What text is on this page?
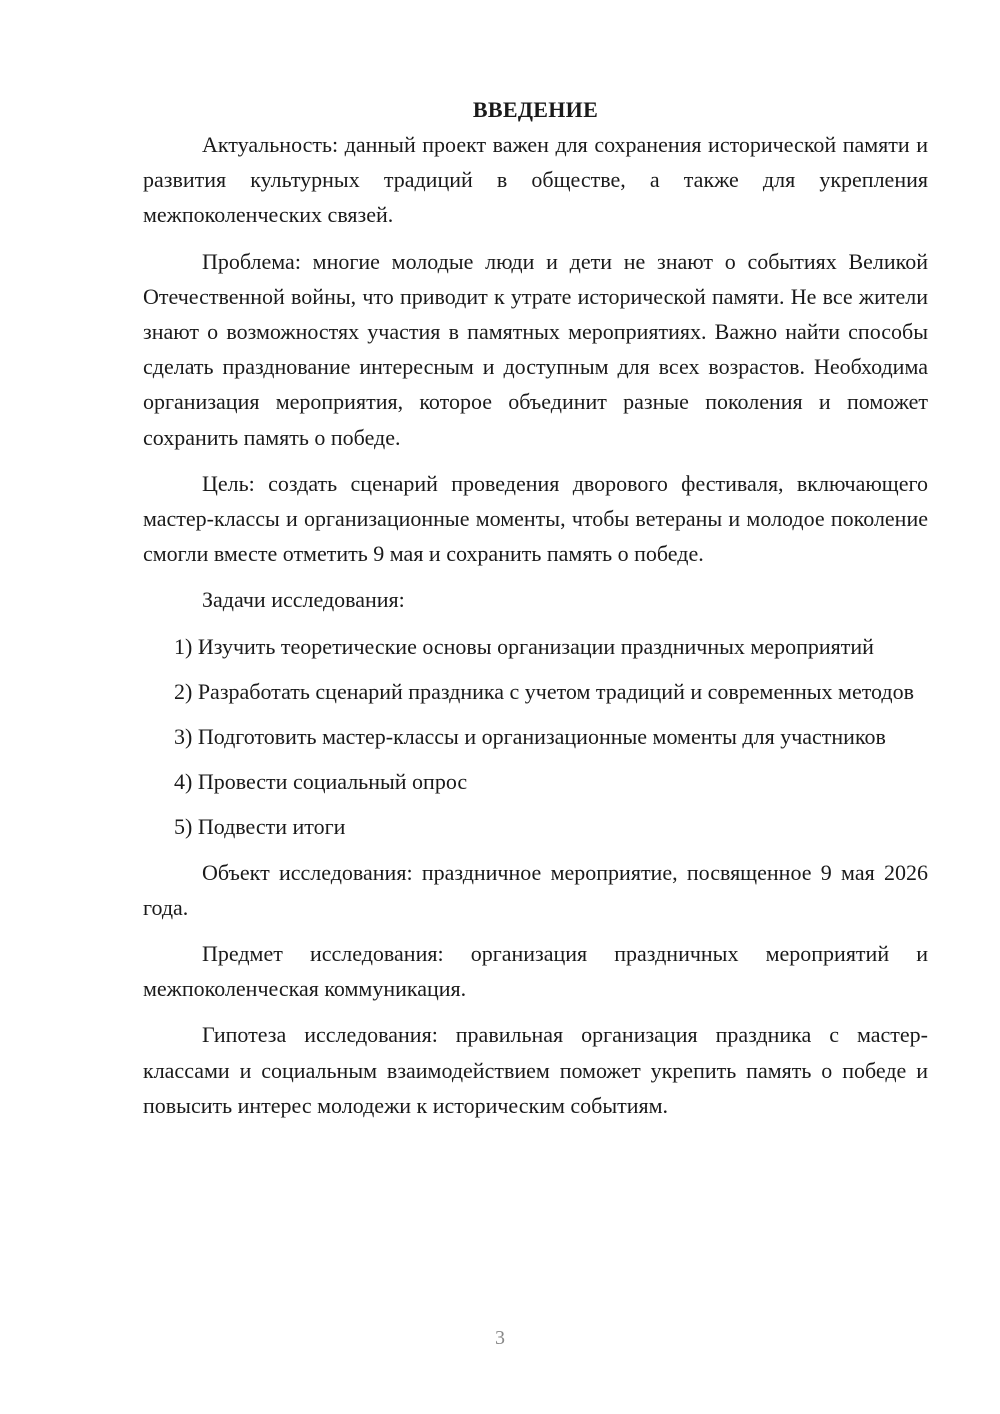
ВВЕДЕНИЕ

Актуальность: данный проект важен для сохранения исторической памяти и развития культурных традиций в обществе, а также для укрепления межпоколенческих связей.

Проблема: многие молодые люди и дети не знают о событиях Великой Отечественной войны, что приводит к утрате исторической памяти. Не все жители знают о возможностях участия в памятных мероприятиях. Важно найти способы сделать празднование интересным и доступным для всех возрастов. Необходима организация мероприятия, которое объединит разные поколения и поможет сохранить память о победе.

Цель: создать сценарий проведения дворового фестиваля, включающего мастер-классы и организационные моменты, чтобы ветераны и молодое поколение смогли вместе отметить 9 мая и сохранить память о победе.

Задачи исследования:

1) Изучить теоретические основы организации праздничных мероприятий

2) Разработать сценарий праздника с учетом традиций и современных методов

3) Подготовить мастер-классы и организационные моменты для участников

4) Провести социальный опрос

5) Подвести итоги

Объект исследования: праздничное мероприятие, посвященное 9 мая 2026 года.

Предмет исследования: организация праздничных мероприятий и межпоколенческая коммуникация.

Гипотеза исследования: правильная организация праздника с мастер-классами и социальным взаимодействием поможет укрепить память о победе и повысить интерес молодежи к историческим событиям.

3
